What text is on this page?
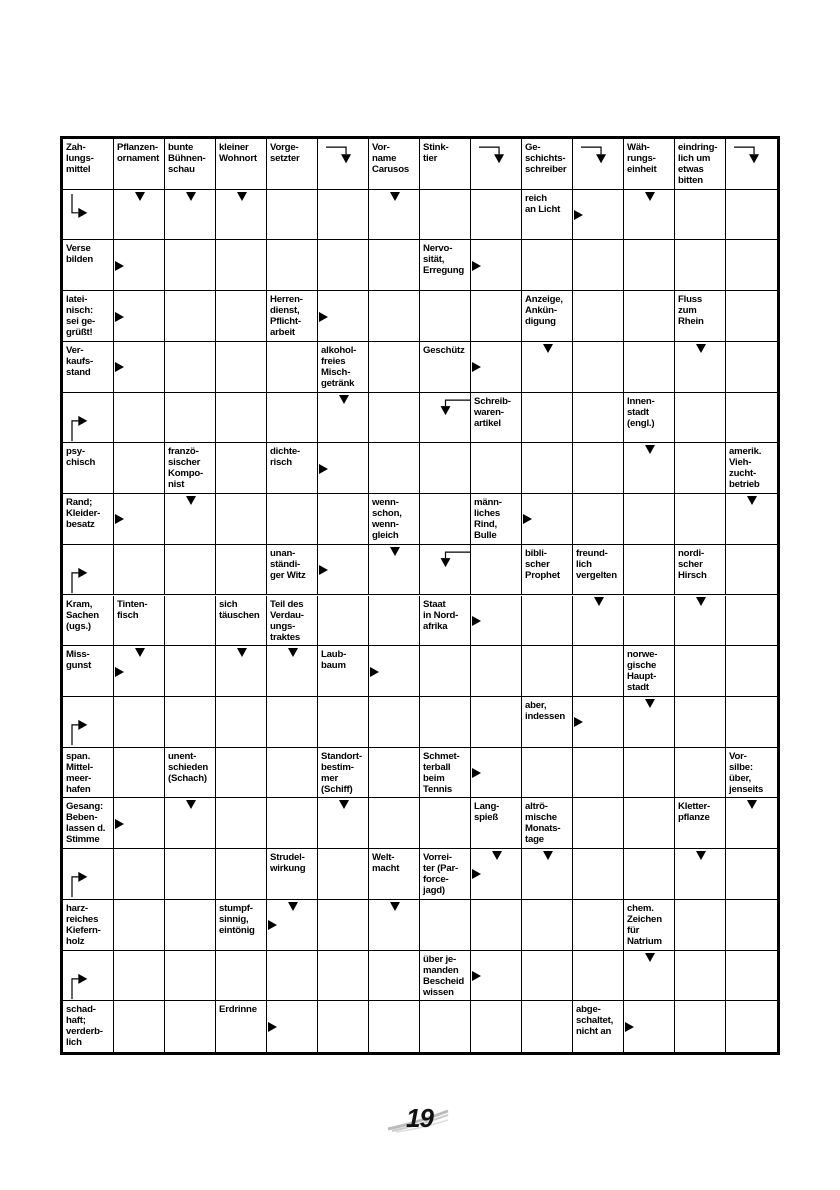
Zah-
lungs-
mittel
Pflanzen-
ornament
bunte
Bühnen-
schau
kleiner
Wohnort
Vorge-
setzter
Vor-
name
Carusos
Stink-
tier
Ge-
schichts-
schreiber
Wäh-
rungs-
einheit
eindring-
lich um
etwas
bitten
reich
an Licht
Verse
bilden
Nervo-
sität,
Erregung
latei-
nisch:
sei ge-
grüßt!
Herren-
dienst,
Pflicht-
arbeit
Anzeige,
Ankün-
digung
Fluss
zum
Rhein
Ver-
kaufs-
stand
alkohol-
freies
Misch-
getränk
Geschütz
Schreib-
waren-
artikel
Innen-
stadt
(engl.)
psy-
chisch
franzö-
sischer
Kompo-
nist
dichte-
risch
amerik.
Vieh-
zucht-
betrieb
Rand;
Kleider-
besatz
wenn-
schon,
wenn-
gleich
männ-
liches
Rind,
Bulle
unan-
ständi-
ger Witz
bibli-
scher
Prophet
freund-
lich
vergelten
nordi-
scher
Hirsch
Kram,
Sachen
(ugs.)
Tinten-
fisch
sich
täuschen
Teil des
Verdau-
ungs-
traktes
Staat
in Nord-
afrika
Miss-
gunst
Laub-
baum
norwe-
gische
Haupt-
stadt
aber,
indessen
span.
Mittel-
meer-
hafen
unent-
schieden
(Schach)
Standort-
bestim-
mer
(Schiff)
Schmet-
terball
beim
Tennis
Vor-
silbe:
über,
jenseits
Gesang:
Beben-
lassen d.
Stimme
Lang-
spieß
altrö-
mische
Monats-
tage
Kletter-
pflanze
Strudel-
wirkung
Welt-
macht
Vorrei-
ter (Par-
force-
jagd)
harz-
reiches
Kiefern-
holz
stumpf-
sinnig,
eintönig
chem.
Zeichen
für
Natrium
über je-
manden
Bescheid
wissen
schad-
haft;
verderb-
lich
Erdrinne	abge-
schaltet,
nicht an
19
